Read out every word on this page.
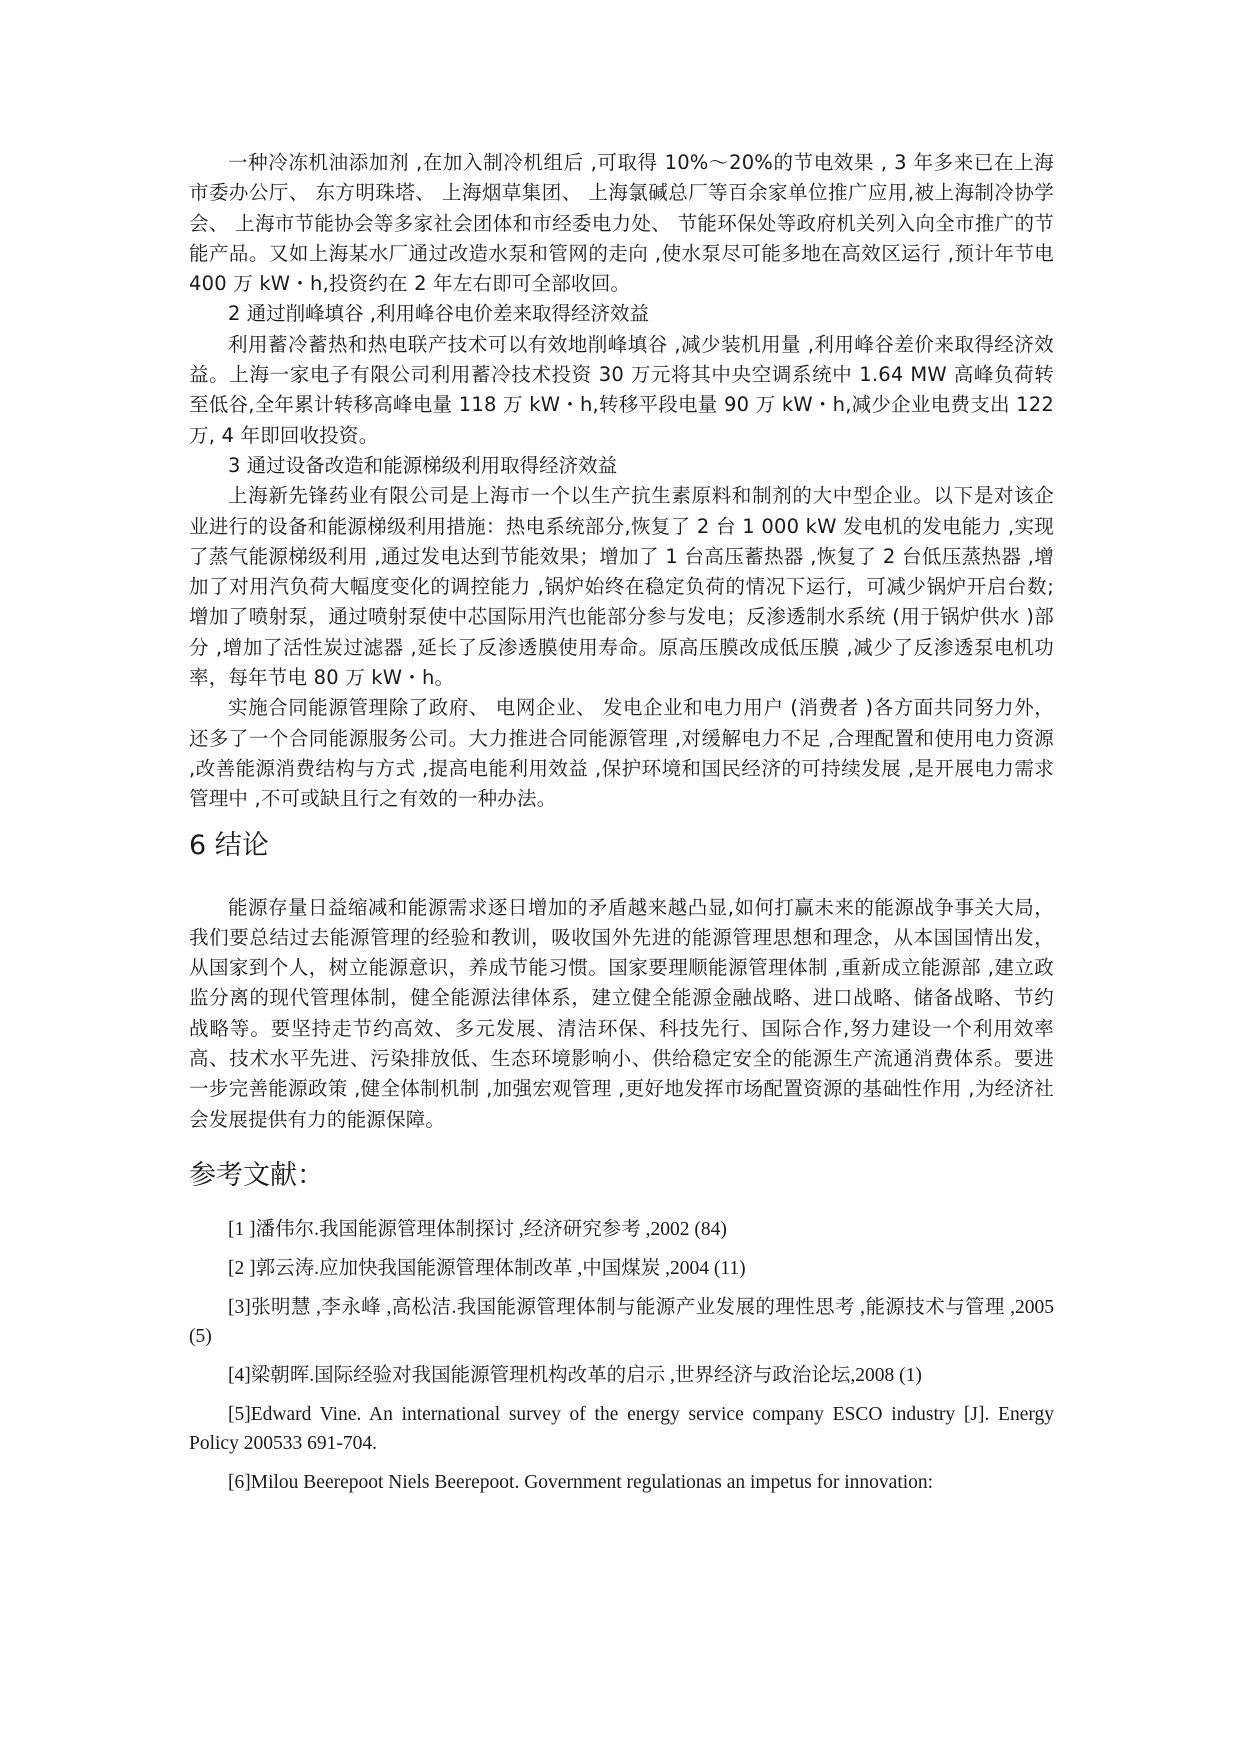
一种冷冻机油添加剂 ,在加入制冷机组后 ,可取得 10%～20%的节电效果 , 3 年多来已在上海市委办公厅、 东方明珠塔、 上海烟草集团、 上海氯碱总厂等百余家单位推广应用,被上海制冷协学会、 上海市节能协会等多家社会团体和市经委电力处、 节能环保处等政府机关列入向全市推广的节能产品。又如上海某水厂通过改造水泵和管网的走向 ,使水泵尽可能多地在高效区运行 ,预计年节电 400 万 kW・h,投资约在 2 年左右即可全部收回。

2 通过削峰填谷 ,利用峰谷电价差来取得经济效益

利用蓄冷蓄热和热电联产技术可以有效地削峰填谷 ,减少装机用量 ,利用峰谷差价来取得经济效益。上海一家电子有限公司利用蓄冷技术投资 30 万元将其中央空调系统中 1.64 MW 高峰负荷转至低谷,全年累计转移高峰电量 118 万 kW・h,转移平段电量 90 万 kW・h,减少企业电费支出 122 万, 4 年即回收投资。

3 通过设备改造和能源梯级利用取得经济效益

上海新先锋药业有限公司是上海市一个以生产抗生素原料和制剂的大中型企业。以下是对该企业进行的设备和能源梯级利用措施：热电系统部分,恢复了 2 台 1 000 kW 发电机的发电能力 ,实现了蒸气能源梯级利用 ,通过发电达到节能效果；增加了 1 台高压蓄热器 ,恢复了 2 台低压蒸热器 ,增加了对用汽负荷大幅度变化的调控能力 ,锅炉始终在稳定负荷的情况下运行，可减少锅炉开启台数; 增加了喷射泵，通过喷射泵使中芯国际用汽也能部分参与发电；反渗透制水系统 (用于锅炉供水 )部分 ,增加了活性炭过滤器 ,延长了反渗透膜使用寿命。原高压膜改成低压膜 ,减少了反渗透泵电机功率，每年节电 80 万 kW・h。

实施合同能源管理除了政府、 电网企业、 发电企业和电力用户 (消费者 )各方面共同努力外，还多了一个合同能源服务公司。大力推进合同能源管理 ,对缓解电力不足 ,合理配置和使用电力资源 ,改善能源消费结构与方式 ,提高电能利用效益 ,保护环境和国民经济的可持续发展 ,是开展电力需求管理中 ,不可或缺且行之有效的一种办法。

6 结论

能源存量日益缩减和能源需求逐日增加的矛盾越来越凸显,如何打赢未来的能源战争事关大局，我们要总结过去能源管理的经验和教训，吸收国外先进的能源管理思想和理念，从本国国情出发，从国家到个人，树立能源意识，养成节能习惯。国家要理顺能源管理体制 ,重新成立能源部 ,建立政监分离的现代管理体制，健全能源法律体系，建立健全能源金融战略、进口战略、储备战略、节约战略等。要坚持走节约高效、多元发展、清洁环保、科技先行、国际合作,努力建设一个利用效率高、技术水平先进、污染排放低、生态环境影响小、供给稳定安全的能源生产流通消费体系。要进一步完善能源政策 ,健全体制机制 ,加强宏观管理 ,更好地发挥市场配置资源的基础性作用 ,为经济社会发展提供有力的能源保障。

参考文献：

[1 ]潘伟尔.我国能源管理体制探讨 ,经济研究参考 ,2002 (84)

[2 ]郭云涛.应加快我国能源管理体制改革 ,中国煤炭 ,2004 (11)

[3]张明慧 ,李永峰 ,高松洁.我国能源管理体制与能源产业发展的理性思考 ,能源技术与管理 ,2005 (5)

[4]梁朝晖.国际经验对我国能源管理机构改革的启示 ,世界经济与政治论坛,2008 (1)

[5]Edward Vine. An international survey of the energy service company ESCO industry [J]. Energy Policy 200533 691-704.

[6]Milou Beerepoot Niels Beerepoot. Government regulationas an impetus for innovation:
